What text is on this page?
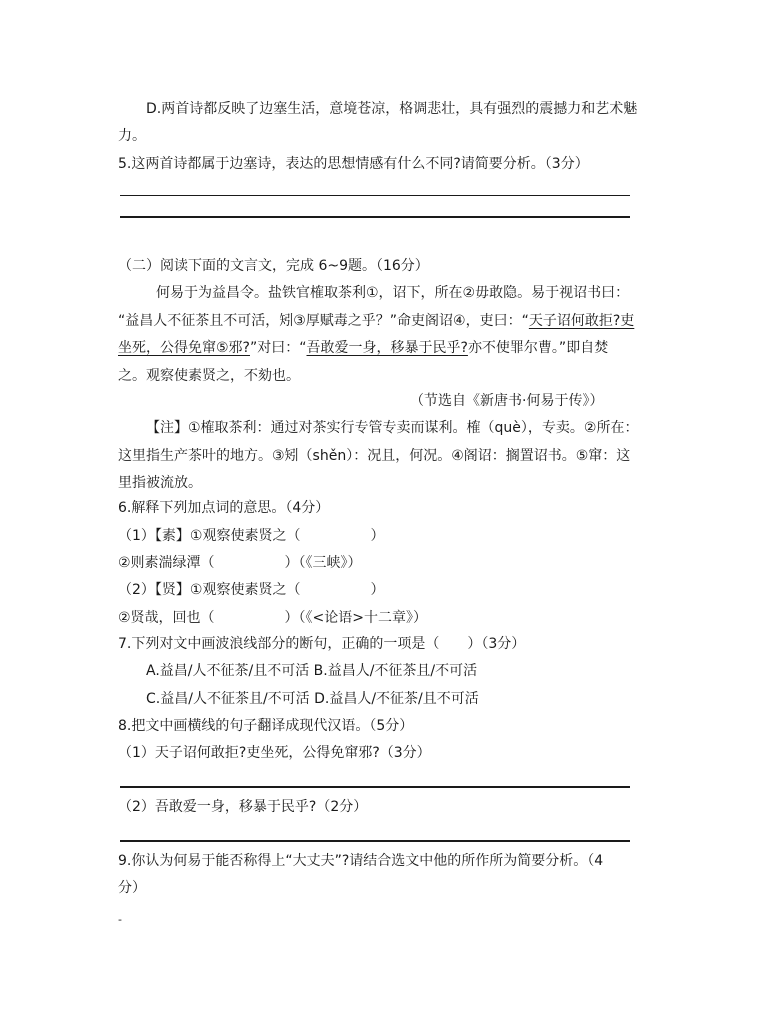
D.两首诗都反映了边塞生活，意境苍凉，格调悲壮，具有强烈的震撼力和艺术魅
力。
5.这两首诗都属于边塞诗，表达的思想情感有什么不同?请简要分析。（3分）
（二）阅读下面的文言文，完成 6~9题。（16分）
何易于为益昌令。盐铁官榷取茶利①，诏下，所在②毋敢隐。易于视诏书曰：
“益昌人不征茶且不可活，矧③厚赋毒之乎？”命吏阁诏④，吏曰：“天子诏何敢拒?吏
坐死，公得免窜⑤邪?”对曰：“吾敢爱一身，移暴于民乎?亦不使罪尔曹。”即自焚
之。观察使素贤之，不劾也。
（节选自《新唐书·何易于传》）
【注】①榷取茶利：通过对茶实行专管专卖而谋利。榷（què），专卖。②所在：
这里指生产茶叶的地方。③矧（shěn）：况且，何况。④阁诏：搁置诏书。⑤窜：这
里指被流放。
6.解释下列加点词的意思。（4分）
（1）【素】①观察使素贤之（　　　　　）
②则素湍绿潭（　　　　　）（《三峡》）
（2）【贤】①观察使素贤之（　　　　　）
②贤哉，回也（　　　　　）（《<论语>十二章》）
7.下列对文中画波浪线部分的断句，正确的一项是（　　）（3分）
A.益昌/人不征茶/且不可活 B.益昌人/不征茶且/不可活
C.益昌/人不征茶且/不可活 D.益昌人/不征茶/且不可活
8.把文中画横线的句子翻译成现代汉语。（5分）
（1）天子诏何敢拒?吏坐死，公得免窜邪?（3分）
（2）吾敢爱一身，移暴于民乎?（2分）
9.你认为何易于能否称得上“大丈夫”?请结合选文中他的所作所为简要分析。（4
分）
-
